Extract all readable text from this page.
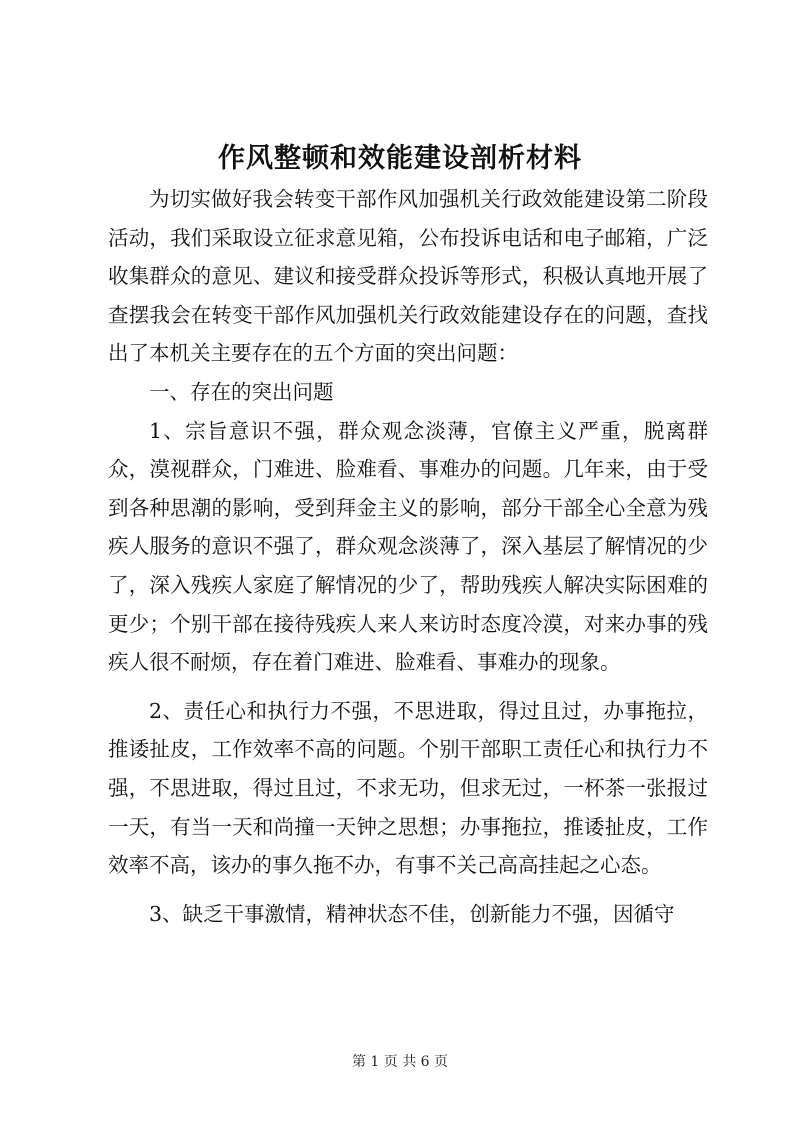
作风整顿和效能建设剖析材料

为切实做好我会转变干部作风加强机关行政效能建设第二阶段活动，我们采取设立征求意见箱，公布投诉电话和电子邮箱，广泛收集群众的意见、建议和接受群众投诉等形式，积极认真地开展了查摆我会在转变干部作风加强机关行政效能建设存在的问题，查找出了本机关主要存在的五个方面的突出问题：

一、存在的突出问题

1、宗旨意识不强，群众观念淡薄，官僚主义严重，脱离群众，漠视群众，门难进、脸难看、事难办的问题。几年来，由于受到各种思潮的影响，受到拜金主义的影响，部分干部全心全意为残疾人服务的意识不强了，群众观念淡薄了，深入基层了解情况的少了，深入残疾人家庭了解情况的少了，帮助残疾人解决实际困难的更少；个别干部在接待残疾人来人来访时态度冷漠，对来办事的残疾人很不耐烦，存在着门难进、脸难看、事难办的现象。

2、责任心和执行力不强，不思进取，得过且过，办事拖拉，推诿扯皮，工作效率不高的问题。个别干部职工责任心和执行力不强，不思进取，得过且过，不求无功，但求无过，一杯茶一张报过一天，有当一天和尚撞一天钟之思想；办事拖拉，推诿扯皮，工作效率不高，该办的事久拖不办，有事不关己高高挂起之心态。

3、缺乏干事激情，精神状态不佳，创新能力不强，因循守

第 1 页 共 6 页
